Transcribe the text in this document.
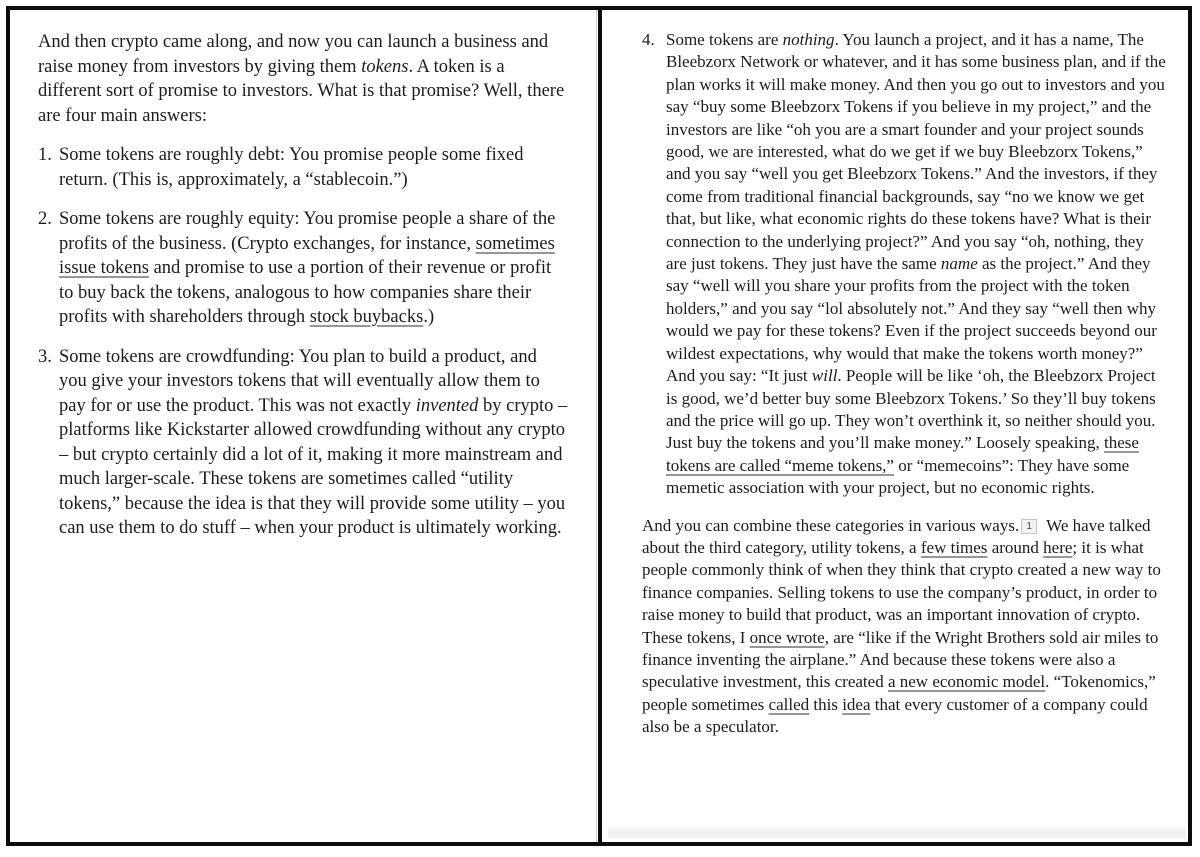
And then crypto came along, and now you can launch a business and raise money from investors by giving them tokens. A token is a different sort of promise to investors. What is that promise? Well, there are four main answers:

1. Some tokens are roughly debt: You promise people some fixed return. (This is, approximately, a “stablecoin.”)
2. Some tokens are roughly equity: You promise people a share of the profits of the business. (Crypto exchanges, for instance, sometimes issue tokens and promise to use a portion of their revenue or profit to buy back the tokens, analogous to how companies share their profits with shareholders through stock buybacks.)
3. Some tokens are crowdfunding: You plan to build a product, and you give your investors tokens that will eventually allow them to pay for or use the product. This was not exactly invented by crypto – platforms like Kickstarter allowed crowdfunding without any crypto – but crypto certainly did a lot of it, making it more mainstream and much larger-scale. These tokens are sometimes called “utility tokens,” because the idea is that they will provide some utility – you can use them to do stuff – when your product is ultimately working.
4. Some tokens are nothing. You launch a project, and it has a name, The Bleebzorx Network or whatever, and it has some business plan, and if the plan works it will make money. And then you go out to investors and you say “buy some Bleebzorx Tokens if you believe in my project,” and the investors are like “oh you are a smart founder and your project sounds good, we are interested, what do we get if we buy Bleebzorx Tokens,” and you say “well you get Bleebzorx Tokens.” And the investors, if they come from traditional financial backgrounds, say “no we know we get that, but like, what economic rights do these tokens have? What is their connection to the underlying project?” And you say “oh, nothing, they are just tokens. They just have the same name as the project.” And they say “well will you share your profits from the project with the token holders,” and you say “lol absolutely not.” And they say “well then why would we pay for these tokens? Even if the project succeeds beyond our wildest expectations, why would that make the tokens worth money?” And you say: “It just will. People will be like ‘oh, the Bleebzorx Project is good, we’d better buy some Bleebzorx Tokens.’ So they’ll buy tokens and the price will go up. They won’t overthink it, so neither should you. Just buy the tokens and you’ll make money.” Loosely speaking, these tokens are called “meme tokens,” or “memecoins”: They have some memetic association with your project, but no economic rights.

And you can combine these categories in various ways. 1 We have talked about the third category, utility tokens, a few times around here; it is what people commonly think of when they think that crypto created a new way to finance companies. Selling tokens to use the company’s product, in order to raise money to build that product, was an important innovation of crypto. These tokens, I once wrote, are “like if the Wright Brothers sold air miles to finance inventing the airplane.” And because these tokens were also a speculative investment, this created a new economic model. “Tokenomics,” people sometimes called this idea that every customer of a company could also be a speculator.
